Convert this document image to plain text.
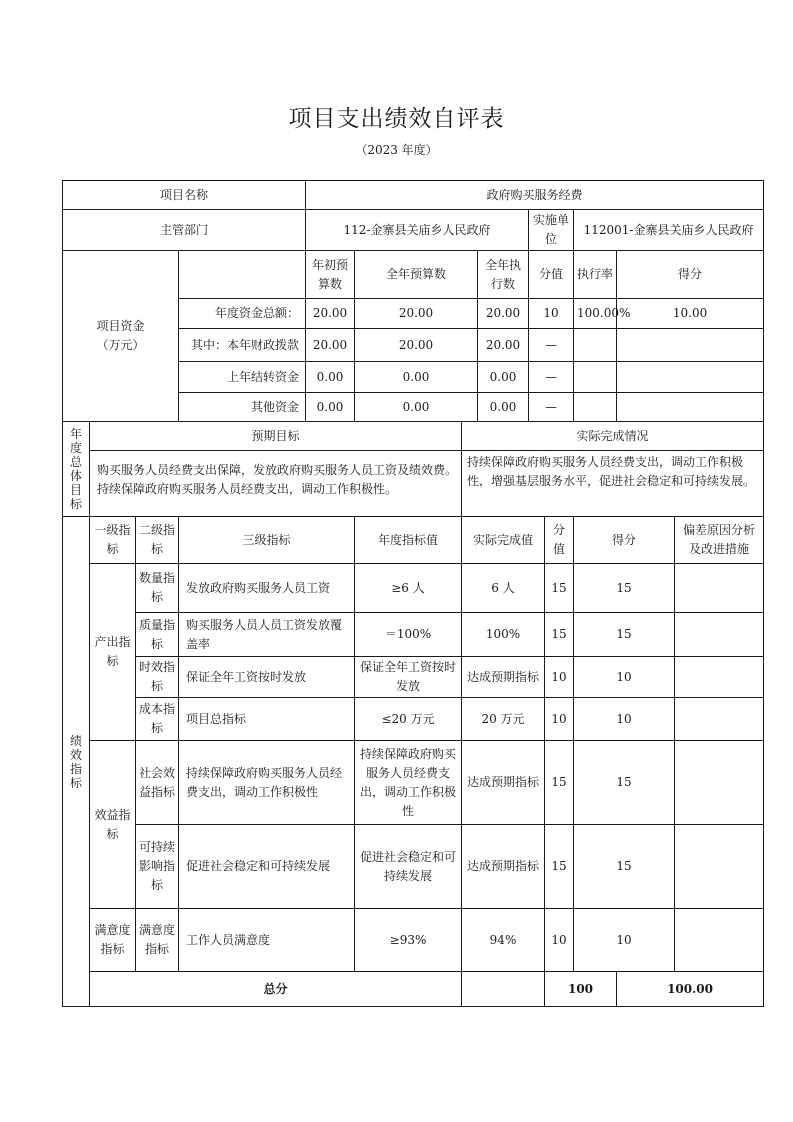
项目支出绩效自评表
（2023 年度）
项目名称				政府购买服务经费									
主管部门				112-金寨县关庙乡人民政府				实施单位		112001-金寨县关庙乡人民政府			

项目资金
（万元）				年初预算数	全年预算数		全年执行数	分值		执行率	得分		
			年度资金总额：	20.00	20.00		20.00	10		100.00%	10.00		
			其中：本年财政拨款	20.00	20.00		20.00	—					
			上年结转资金	0.00	0.00		0.00	—					
			其他资金	0.00	0.00		0.00	—					
年度总体目标	预期目标					实际完成情况							
	购买服务人员经费支出保障，发放政府购买服务人员工资及绩效费。持续保障政府购买服务人员经费支出，调动工作积极性。					持续保障政府购买服务人员经费支出，调动工作积极性，增强基层服务水平，促进社会稳定和可持续发展。							
绩效指标	一级指标	二级指标	三级指标		年度指标值	实际完成值			分值	得分		偏差原因分析及改进措施	
	产出指标	数量指标	发放政府购买服务人员工资		≥6 人	6 人			15	15			
		质量指标	购买服务人员人员工资发放覆盖率		＝100%	100%			15	15			
		时效指标	保证全年工资按时发放		保证全年工资按时发放	达成预期指标			10	10			
		成本指标	项目总指标		≤20 万元	20 万元			10	10			
	效益指标	社会效益指标	持续保障政府购买服务人员经费支出，调动工作积极性		持续保障政府购买服务人员经费支出，调动工作积极性	达成预期指标			15	15			
		可持续影响指标	促进社会稳定和可持续发展		促进社会稳定和可持续发展	达成预期指标			15	15			
	满意度指标	满意度指标	工作人员满意度		≥93%	94%			10	10			
	总分								100		100.00		
